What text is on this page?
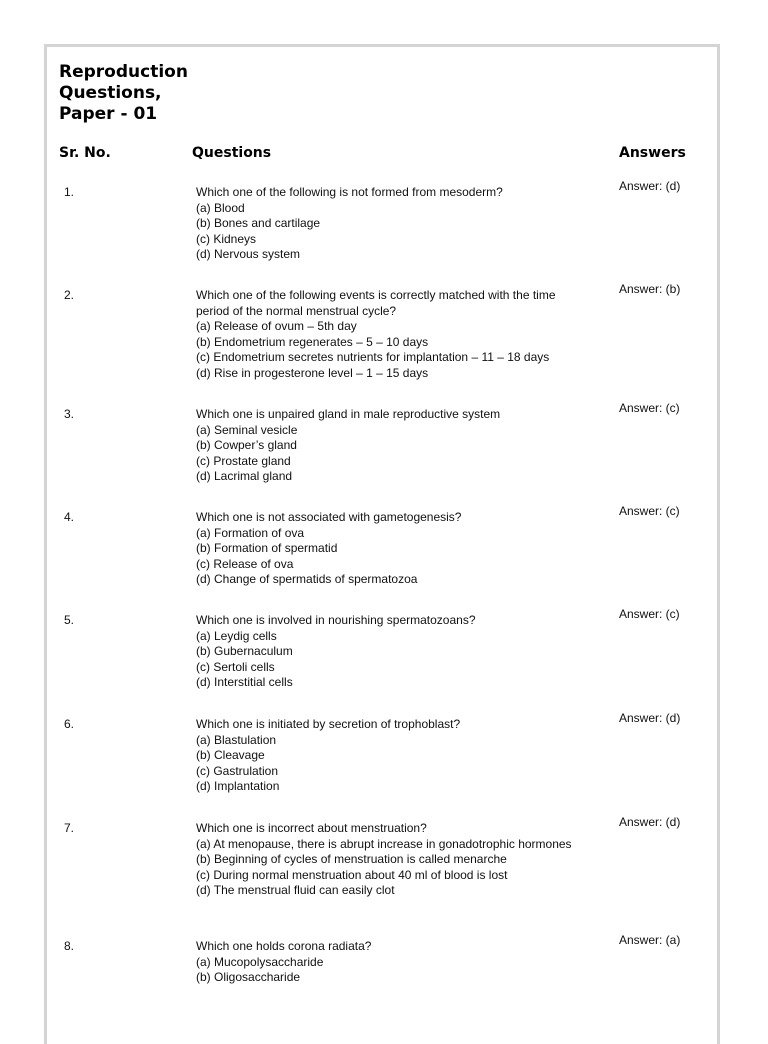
Reproduction
Questions,
Paper - 01
Sr. No.	Questions	Answers
1.	Which one of the following is not formed from mesoderm?
(a) Blood
(b) Bones and cartilage
(c) Kidneys
(d) Nervous system
Answer: (d)
2.	Which one of the following events is correctly matched with the time
period of the normal menstrual cycle?
(a) Release of ovum – 5th day
(b) Endometrium regenerates – 5 – 10 days
(c) Endometrium secretes nutrients for implantation – 11 – 18 days
(d) Rise in progesterone level – 1 – 15 days
Answer: (b)
3.	Which one is unpaired gland in male reproductive system
(a) Seminal vesicle
(b) Cowper’s gland
(c) Prostate gland
(d) Lacrimal gland
Answer: (c)
4.	Which one is not associated with gametogenesis?
(a) Formation of ova
(b) Formation of spermatid
(c) Release of ova
(d) Change of spermatids of spermatozoa
Answer: (c)
5.	Which one is involved in nourishing spermatozoans?
(a) Leydig cells
(b) Gubernaculum
(c) Sertoli cells
(d) Interstitial cells
Answer: (c)
6.	Which one is initiated by secretion of trophoblast?
(a) Blastulation
(b) Cleavage
(c) Gastrulation
(d) Implantation
Answer: (d)
7.	Which one is incorrect about menstruation?
(a) At menopause, there is abrupt increase in gonadotrophic hormones
(b) Beginning of cycles of menstruation is called menarche
(c) During normal menstruation about 40 ml of blood is lost
(d) The menstrual fluid can easily clot
Answer: (d)
8.	Which one holds corona radiata?
(a) Mucopolysaccharide
(b) Oligosaccharide
Answer: (a)
